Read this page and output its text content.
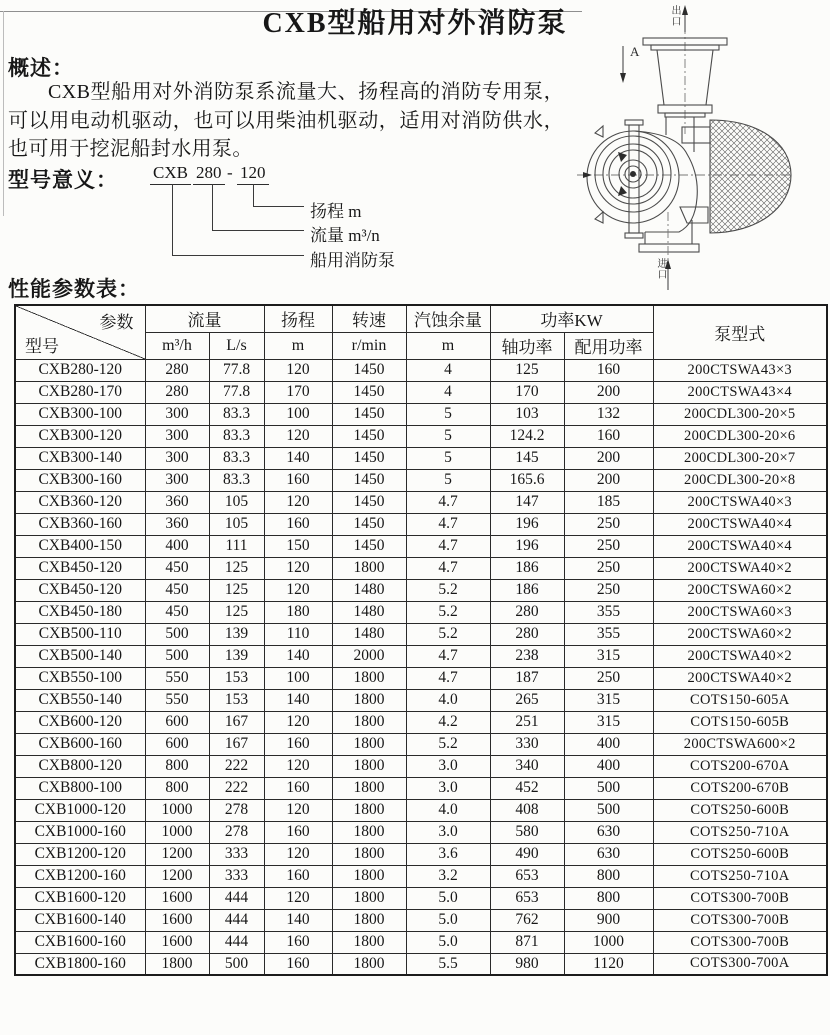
CXB型船用对外消防泵
概述：
CXB型船用对外消防泵系流量大、扬程高的消防专用泵，可以用电动机驱动，也可以用柴油机驱动，适用对消防供水，也可用于挖泥船封水用泵。
型号意义： CXB 280 - 120
扬程 m
流量 m³/n
船用消防泵
出口
A
进口
性能参数表：
参数
型号	流量		扬程	转速	汽蚀余量	功率KW		泵型式
	m³/h	L/s	m	r/min	m	轴功率	配用功率	
CXB280-120	280	77.8	120	1450	4	125	160	200CTSWA43×3
CXB280-170	280	77.8	170	1450	4	170	200	200CTSWA43×4
CXB300-100	300	83.3	100	1450	5	103	132	200CDL300-20×5
CXB300-120	300	83.3	120	1450	5	124.2	160	200CDL300-20×6
CXB300-140	300	83.3	140	1450	5	145	200	200CDL300-20×7
CXB300-160	300	83.3	160	1450	5	165.6	200	200CDL300-20×8
CXB360-120	360	105	120	1450	4.7	147	185	200CTSWA40×3
CXB360-160	360	105	160	1450	4.7	196	250	200CTSWA40×4
CXB400-150	400	111	150	1450	4.7	196	250	200CTSWA40×4
CXB450-120	450	125	120	1800	4.7	186	250	200CTSWA40×2
CXB450-120	450	125	120	1480	5.2	186	250	200CTSWA60×2
CXB450-180	450	125	180	1480	5.2	280	355	200CTSWA60×3
CXB500-110	500	139	110	1480	5.2	280	355	200CTSWA60×2
CXB500-140	500	139	140	2000	4.7	238	315	200CTSWA40×2
CXB550-100	550	153	100	1800	4.7	187	250	200CTSWA40×2
CXB550-140	550	153	140	1800	4.0	265	315	COTS150-605A
CXB600-120	600	167	120	1800	4.2	251	315	COTS150-605B
CXB600-160	600	167	160	1800	5.2	330	400	200CTSWA600×2
CXB800-120	800	222	120	1800	3.0	340	400	COTS200-670A
CXB800-100	800	222	160	1800	3.0	452	500	COTS200-670B
CXB1000-120	1000	278	120	1800	4.0	408	500	COTS250-600B
CXB1000-160	1000	278	160	1800	3.0	580	630	COTS250-710A
CXB1200-120	1200	333	120	1800	3.6	490	630	COTS250-600B
CXB1200-160	1200	333	160	1800	3.2	653	800	COTS250-710A
CXB1600-120	1600	444	120	1800	5.0	653	800	COTS300-700B
CXB1600-140	1600	444	140	1800	5.0	762	900	COTS300-700B
CXB1600-160	1600	444	160	1800	5.0	871	1000	COTS300-700B
CXB1800-160	1800	500	160	1800	5.5	980	1120	COTS300-700A
